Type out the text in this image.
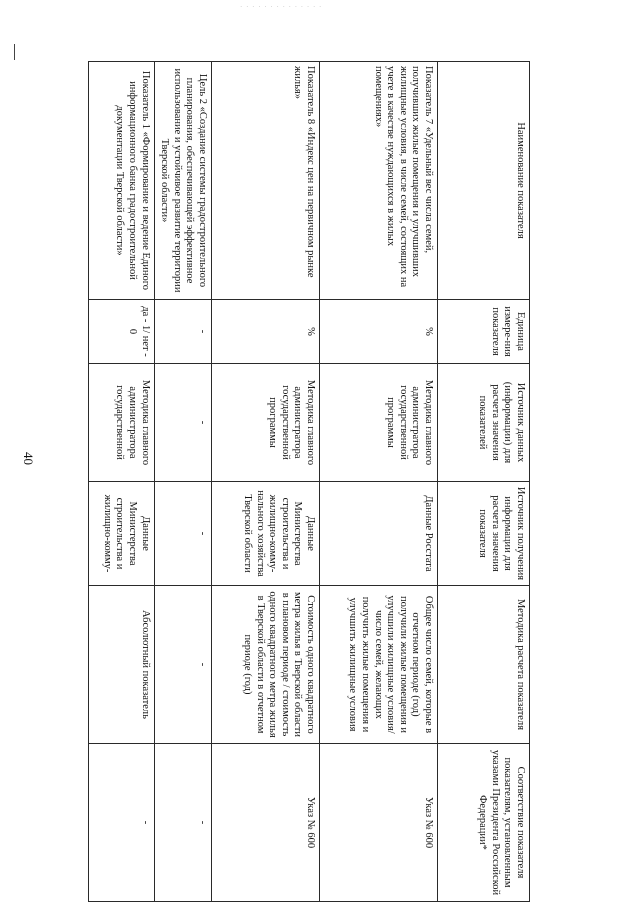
· · · · · · · · · · · · · ·
40
Наименование показателя	Единица измере-ния показателя	Источник данных (информации) для расчета значения показателей	Источник получения информации для расчета значения показателя	Методика расчета показателя	Соответствие показателя показателям, установленным указами Президента Российской Федерации*
Показатель 7 «Удельный вес числа семей, получивших жилые помещения и улучшивших жилищные условия, в числе семей, состоящих на учете в качестве нуждающихся в жилых помещениях»	%	Методика главного администратора государственной программы	Данные Росстата	Общее число семей, которые в отчетном периоде (год) получили жилые помещения и улучшили жилищные условия/число семей, желающих получить жилые помещения и улучшить жилищные условия	Указ № 600
Показатель 8 «Индекс цен на первичном рынке жилья»	%	Методика главного администратора государственной программы	Данные Министерства строительства и жилищно-комму-нального хозяйства Тверской области	Стоимость одного квадратного метра жилья в Тверской области в плановом периоде / стоимость одного квадратного метра жилья в Тверской области в отчетном периоде (год)	Указ № 600
Цель 2 «Создание системы градостроительного планирования, обеспечивающей эффективное использование и устойчивое развитие территории Тверской области»	-	-	-	-	-
Показатель 1 «Формирование и ведение Единого информационного банка градостроительной документации Тверской области»	да - 1/ нет - 0	Методика главного администратора государственной	Данные Министерства строительства и жилищно-комму-	Абсолютный показатель	-
